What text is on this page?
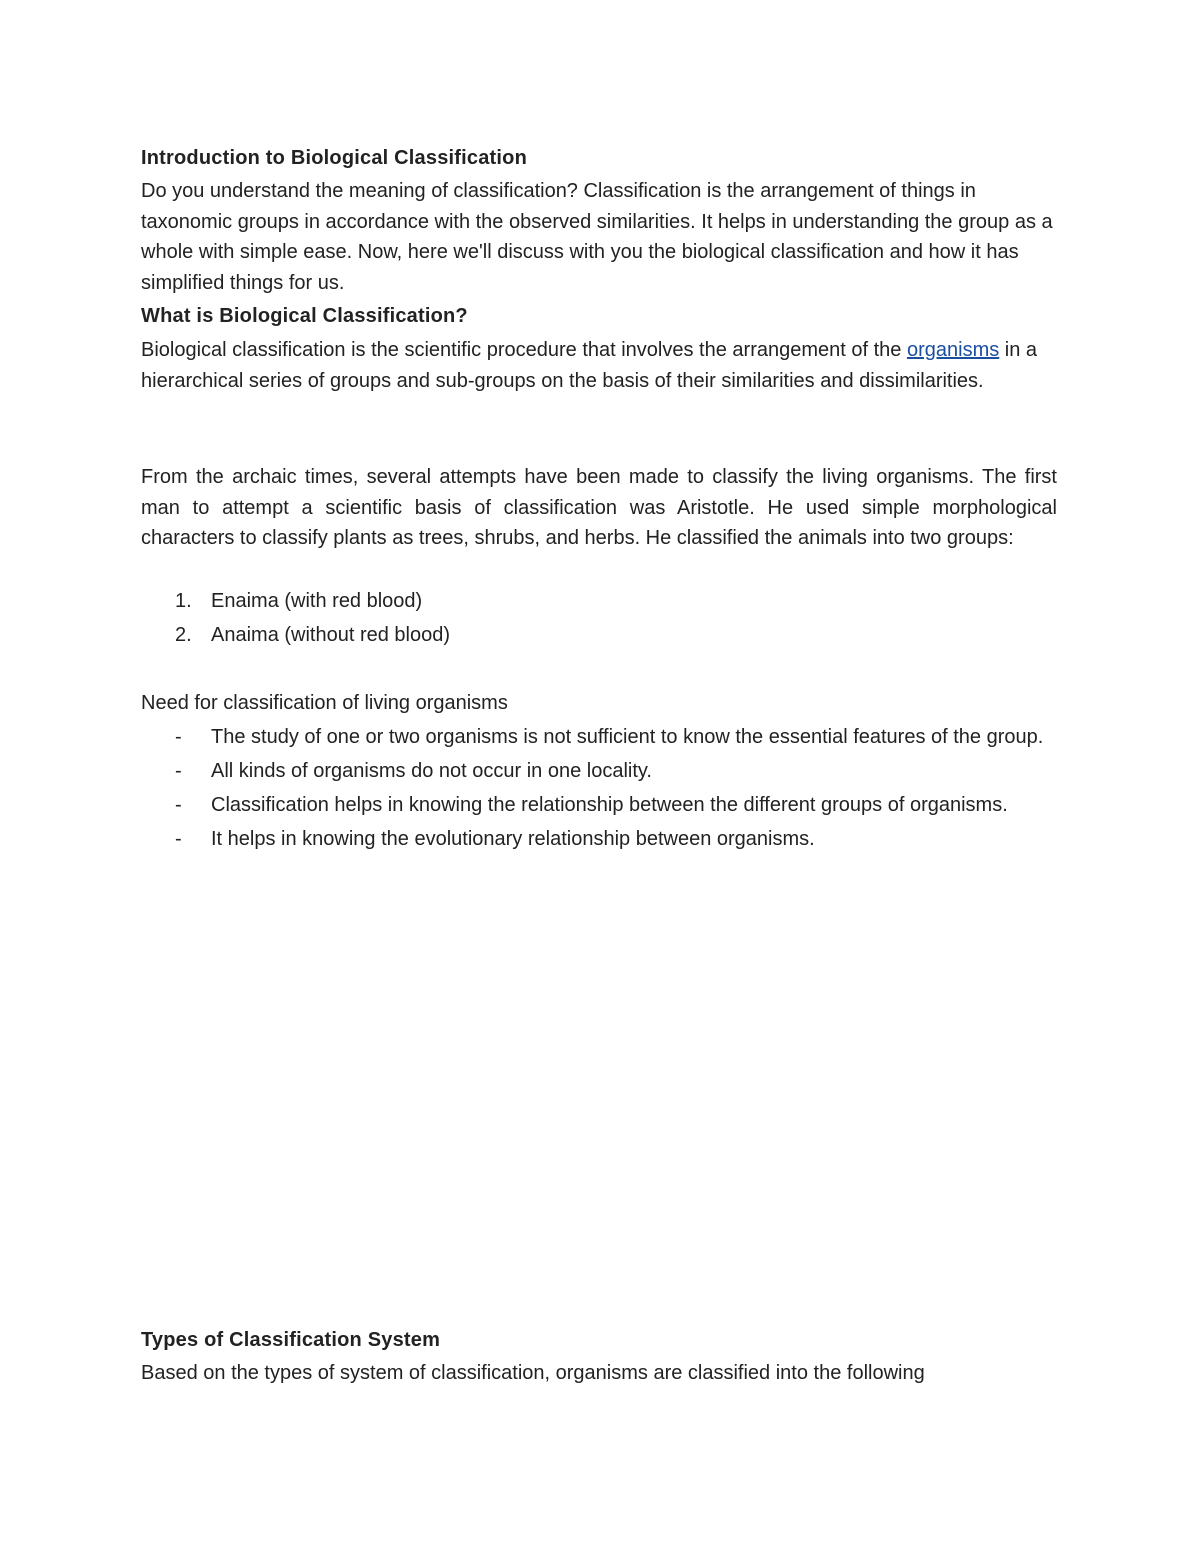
Introduction to Biological Classification

Do you understand the meaning of classification? Classification is the arrangement of things in taxonomic groups in accordance with the observed similarities. It helps in understanding the group as a whole with simple ease. Now, here we'll discuss with you the biological classification and how it has simplified things for us.

What is Biological Classification?

Biological classification is the scientific procedure that involves the arrangement of the organisms in a hierarchical series of groups and sub-groups on the basis of their similarities and dissimilarities.

From the archaic times, several attempts have been made to classify the living organisms. The first man to attempt a scientific basis of classification was Aristotle. He used simple morphological characters to classify plants as trees, shrubs, and herbs. He classified the animals into two groups:

1. Enaima (with red blood)
2. Anaima (without red blood)

Need for classification of living organisms

- The study of one or two organisms is not sufficient to know the essential features of the group.
- All kinds of organisms do not occur in one locality.
- Classification helps in knowing the relationship between the different groups of organisms.
- It helps in knowing the evolutionary relationship between organisms.

Types of Classification System

Based on the types of system of classification, organisms are classified into the following
